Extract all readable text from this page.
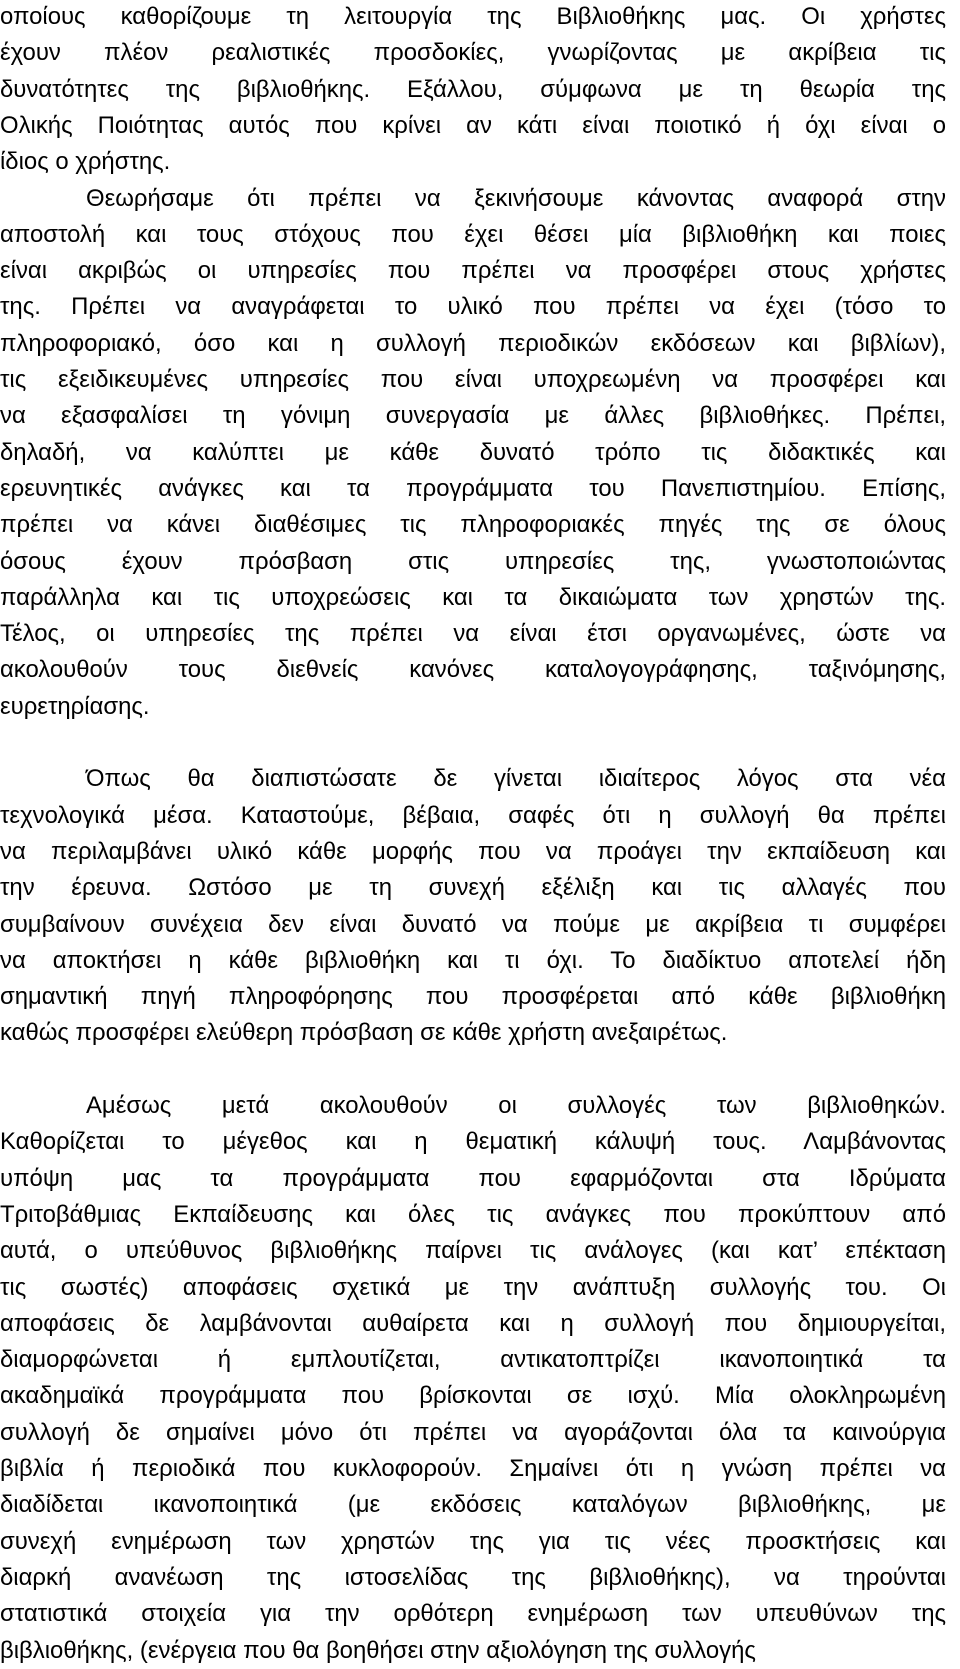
οποίους καθορίζουμε τη λειτουργία της Βιβλιοθήκης μας. Οι χρήστες
έχουν πλέον ρεαλιστικές προσδοκίες, γνωρίζοντας με ακρίβεια τις
δυνατότητες της βιβλιοθήκης. Εξάλλου, σύμφωνα με τη θεωρία της
Ολικής Ποιότητας αυτός που κρίνει αν κάτι είναι ποιοτικό ή όχι είναι ο
ίδιος ο χρήστης.
Θεωρήσαμε ότι πρέπει να ξεκινήσουμε κάνοντας αναφορά στην
αποστολή και τους στόχους που έχει θέσει μία βιβλιοθήκη και ποιες
είναι ακριβώς οι υπηρεσίες που πρέπει να προσφέρει στους χρήστες
της. Πρέπει να αναγράφεται το υλικό που πρέπει να έχει (τόσο το
πληροφοριακό, όσο και η συλλογή περιοδικών εκδόσεων και βιβλίων),
τις εξειδικευμένες υπηρεσίες που είναι υποχρεωμένη να προσφέρει και
να εξασφαλίσει τη γόνιμη συνεργασία με άλλες βιβλιοθήκες. Πρέπει,
δηλαδή, να καλύπτει με κάθε δυνατό τρόπο τις διδακτικές και
ερευνητικές ανάγκες και τα προγράμματα του Πανεπιστημίου. Επίσης,
πρέπει να κάνει διαθέσιμες τις πληροφοριακές πηγές της σε όλους
όσους έχουν πρόσβαση στις υπηρεσίες της, γνωστοποιώντας
παράλληλα και τις υποχρεώσεις και τα δικαιώματα των χρηστών της.
Τέλος, οι υπηρεσίες της πρέπει να είναι έτσι οργανωμένες, ώστε να
ακολουθούν τους διεθνείς κανόνες καταλογογράφησης, ταξινόμησης,
ευρετηρίασης.
Όπως θα διαπιστώσατε δε γίνεται ιδιαίτερος λόγος στα νέα
τεχνολογικά μέσα. Καταστούμε, βέβαια, σαφές ότι η συλλογή θα πρέπει
να περιλαμβάνει υλικό κάθε μορφής που να προάγει την εκπαίδευση και
την έρευνα. Ωστόσο με τη συνεχή εξέλιξη και τις αλλαγές που
συμβαίνουν συνέχεια δεν είναι δυνατό να πούμε με ακρίβεια τι συμφέρει
να αποκτήσει η κάθε βιβλιοθήκη και τι όχι. Το διαδίκτυο αποτελεί ήδη
σημαντική πηγή πληροφόρησης που προσφέρεται από κάθε βιβλιοθήκη
καθώς προσφέρει ελεύθερη πρόσβαση σε κάθε χρήστη ανεξαιρέτως.
Αμέσως μετά ακολουθούν οι συλλογές των βιβλιοθηκών.
Καθορίζεται το μέγεθος και η θεματική κάλυψή τους. Λαμβάνοντας
υπόψη μας τα προγράμματα που εφαρμόζονται στα Ιδρύματα
Τριτοβάθμιας Εκπαίδευσης και όλες τις ανάγκες που προκύπτουν από
αυτά, ο υπεύθυνος βιβλιοθήκης παίρνει τις ανάλογες (και κατ’ επέκταση
τις σωστές) αποφάσεις σχετικά με την ανάπτυξη συλλογής του. Οι
αποφάσεις δε λαμβάνονται αυθαίρετα και η συλλογή που δημιουργείται,
διαμορφώνεται ή εμπλουτίζεται, αντικατοπτρίζει ικανοποιητικά τα
ακαδημαϊκά προγράμματα που βρίσκονται σε ισχύ. Μία ολοκληρωμένη
συλλογή δε σημαίνει μόνο ότι πρέπει να αγοράζονται όλα τα καινούργια
βιβλία ή περιοδικά που κυκλοφορούν. Σημαίνει ότι η γνώση πρέπει να
διαδίδεται ικανοποιητικά (με εκδόσεις καταλόγων βιβλιοθήκης, με
συνεχή ενημέρωση των χρηστών της για τις νέες προσκτήσεις και
διαρκή ανανέωση της ιστοσελίδας της βιβλιοθήκης), να τηρούνται
στατιστικά στοιχεία για την ορθότερη ενημέρωση των υπευθύνων της
βιβλιοθήκης, (ενέργεια που θα βοηθήσει στην αξιολόγηση της συλλογής
